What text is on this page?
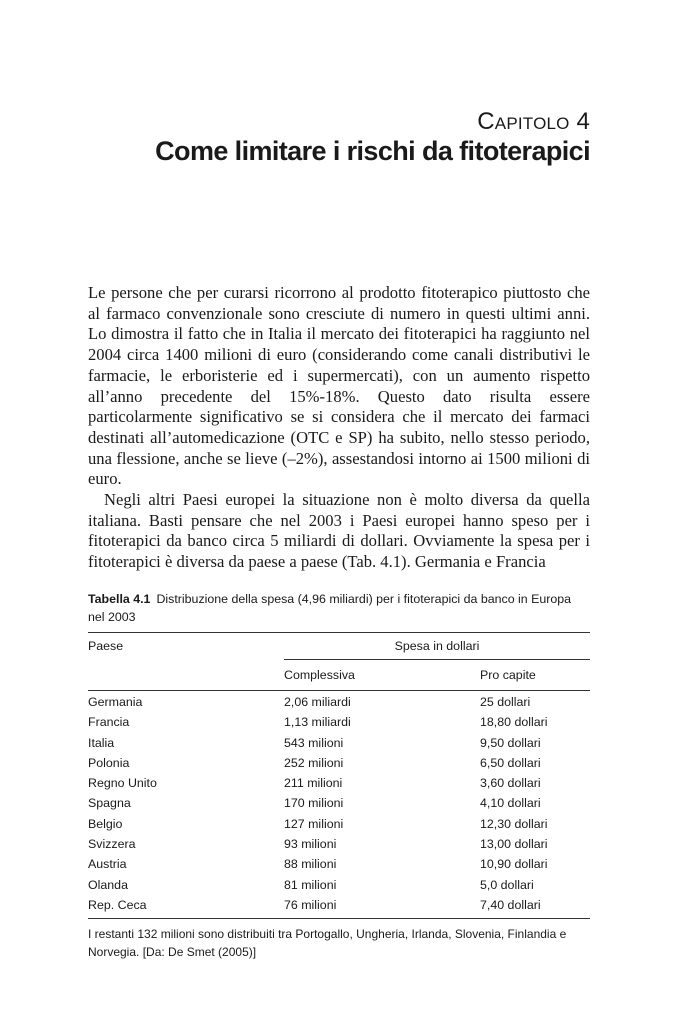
Capitolo 4
Come limitare i rischi da fitoterapici

Le persone che per curarsi ricorrono al prodotto fitoterapico piuttosto che al farmaco convenzionale sono cresciute di numero in questi ultimi anni. Lo dimostra il fatto che in Italia il mercato dei fitoterapici ha raggiunto nel 2004 circa 1400 milioni di euro (considerando come canali distributivi le farmacie, le erboristerie ed i supermercati), con un aumento rispetto all’anno precedente del 15%-18%. Questo dato risulta essere particolarmente significativo se si considera che il mercato dei farmaci destinati all’automedicazione (OTC e SP) ha subito, nello stesso periodo, una flessione, anche se lieve (–2%), assestandosi intorno ai 1500 milioni di euro.

Negli altri Paesi europei la situazione non è molto diversa da quella italiana. Basti pensare che nel 2003 i Paesi europei hanno speso per i fitoterapici da banco circa 5 miliardi di dollari. Ovviamente la spesa per i fitoterapici è diversa da paese a paese (Tab. 4.1). Germania e Francia

Tabella 4.1 Distribuzione della spesa (4,96 miliardi) per i fitoterapici da banco in Europa nel 2003
Paese	Spesa in dollari	
	Complessiva	Pro capite
Germania	2,06 miliardi	25 dollari
Francia	1,13 miliardi	18,80 dollari
Italia	543 milioni	9,50 dollari
Polonia	252 milioni	6,50 dollari
Regno Unito	211 milioni	3,60 dollari
Spagna	170 milioni	4,10 dollari
Belgio	127 milioni	12,30 dollari
Svizzera	93 milioni	13,00 dollari
Austria	88 milioni	10,90 dollari
Olanda	81 milioni	5,0 dollari
Rep. Ceca	76 milioni	7,40 dollari
I restanti 132 milioni sono distribuiti tra Portogallo, Ungheria, Irlanda, Slovenia, Finlandia e Norvegia. [Da: De Smet (2005)]
